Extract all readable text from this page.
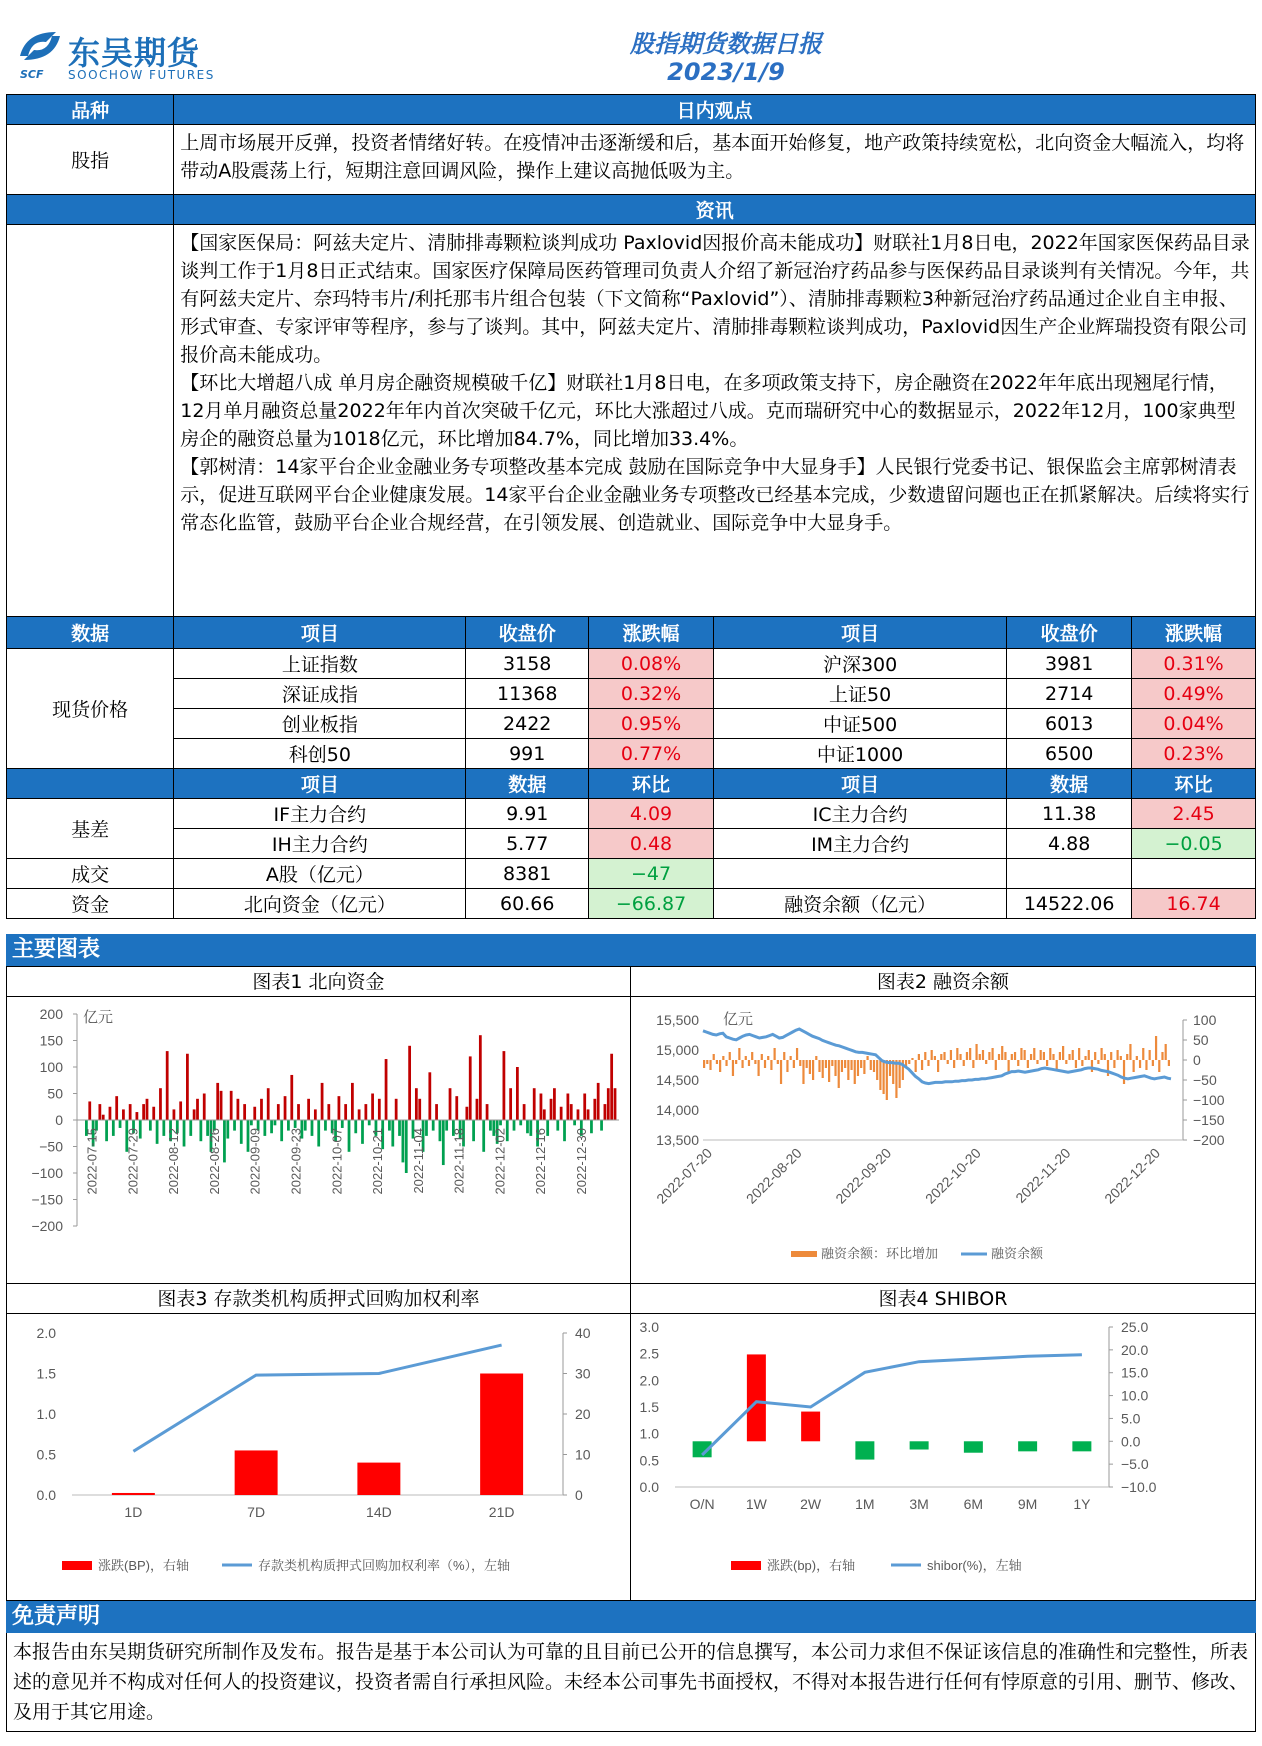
东吴期货
SCF SOOCHOW FUTURES
股指期货数据日报
2023/1/9
品种	日内观点					
股指	上周市场展开反弹，投资者情绪好转。在疫情冲击逐渐缓和后，基本面开始修复，地产政策持续宽松，北向资金大幅流入，均将带动A股震荡上行，短期注意回调风险，操作上建议高抛低吸为主。					
	资讯					

	【国家医保局：阿兹夫定片、清肺排毒颗粒谈判成功 Paxlovid因报价高未能成功】财联社1月8日电，2022年国家医保药品目录谈判工作于1月8日正式结束。国家医疗保障局医药管理司负责人介绍了新冠治疗药品参与医保药品目录谈判有关情况。今年，共有阿兹夫定片、奈玛特韦片/利托那韦片组合包装（下文简称“Paxlovid”）、清肺排毒颗粒3种新冠治疗药品通过企业自主申报、形式审查、专家评审等程序，参与了谈判。其中，阿兹夫定片、清肺排毒颗粒谈判成功，Paxlovid因生产企业辉瑞投资有限公司报价高未能成功。
【环比大增超八成 单月房企融资规模破千亿】财联社1月8日电，在多项政策支持下，房企融资在2022年年底出现翘尾行情，12月单月融资总量2022年年内首次突破千亿元，环比大涨超过八成。克而瑞研究中心的数据显示，2022年12月，100家典型房企的融资总量为1018亿元，环比增加84.7%，同比增加33.4%。
【郭树清：14家平台企业金融业务专项整改基本完成 鼓励在国际竞争中大显身手】人民银行党委书记、银保监会主席郭树清表示，促进互联网平台企业健康发展。14家平台企业金融业务专项整改已经基本完成，少数遗留问题也正在抓紧解决。后续将实行常态化监管，鼓励平台企业合规经营，在引领发展、创造就业、国际竞争中大显身手。					

数据	项目	收盘价	涨跌幅	项目	收盘价	涨跌幅
现货价格	上证指数	3158	0.08%	沪深300	3981	0.31%
	深证成指	11368	0.32%	上证50	2714	0.49%
	创业板指	2422	0.95%	中证500	6013	0.04%
	科创50	991	0.77%	中证1000	6500	0.23%
	项目	数据	环比	项目	数据	环比
基差	IF主力合约	9.91	4.09	IC主力合约	11.38	2.45
	IH主力合约	5.77	0.48	IM主力合约	4.88	−0.05
成交	A股（亿元）	8381	−47			
资金	北向资金（亿元）	60.66	−66.87	融资余额（亿元）	14522.06	16.74
主要图表
图表1 北向资金
200
150
100
50
0
−50
−100
−150
−200
亿元
2022-07-15 2022-07-29 2022-08-12 2022-08-26 2022-09-09 2022-09-23 2022-10-07 2022-10-21 2022-11-04 2022-11-18 2022-12-02 2022-12-16 2022-12-30
图表2 融资余额
15,500
15,000
14,500
14,000
13,500
100
50
0
−50
−100
−150
−200
亿元
2022-07-20 2022-08-20 2022-09-20 2022-10-20 2022-11-20 2022-12-20
融资余额：环比增加	融资余额
图表3 存款类机构质押式回购加权利率
2.0
1.5
1.0
0.5
0.0
40
30
20
10
0
1D	7D	14D	21D
涨跌(BP)，右轴	存款类机构质押式回购加权利率（%），左轴
图表4 SHIBOR
3.0
2.5
2.0
1.5
1.0
0.5
0.0
25.0
20.0
15.0
10.0
5.0
0.0
−5.0
−10.0
O/N 1W 2W 1M 3M 6M 9M	1Y
涨跌(bp)，右轴	shibor(%)，左轴
免责声明
本报告由东吴期货研究所制作及发布。报告是基于本公司认为可靠的且目前已公开的信息撰写，本公司力求但不保证该信息的准确性和完整性，所表述的意见并不构成对任何人的投资建议，投资者需自行承担风险。未经本公司事先书面授权，不得对本报告进行任何有悖原意的引用、删节、修改、及用于其它用途。
